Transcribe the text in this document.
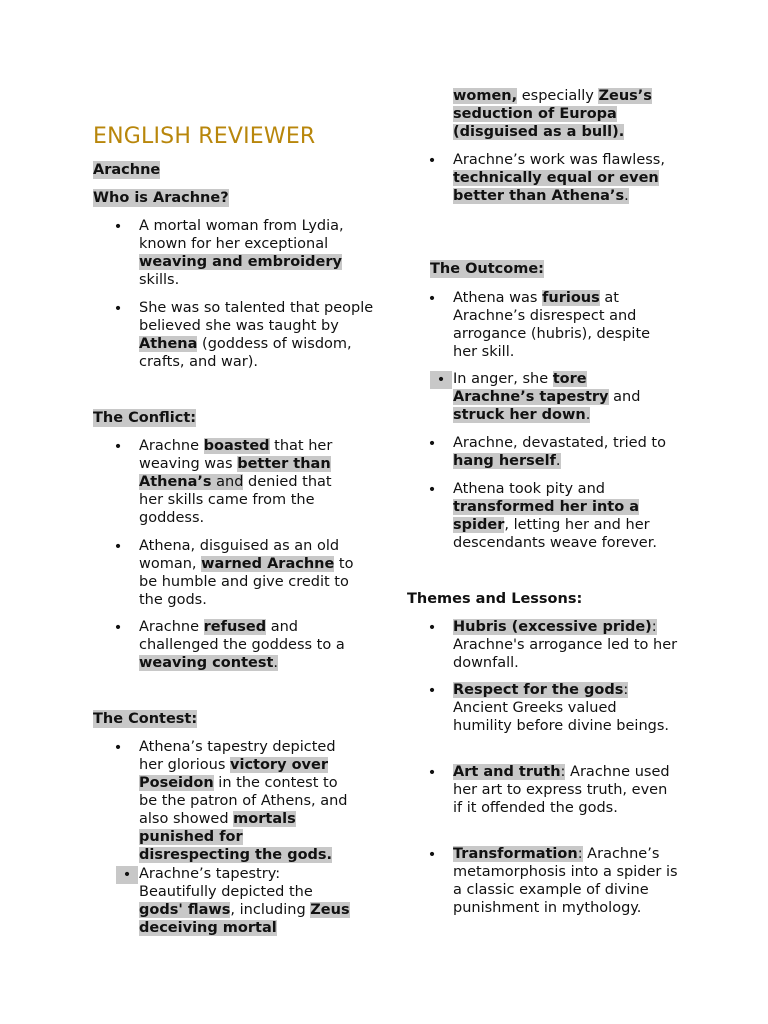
ENGLISH REVIEWER
Arachne
Who is Arachne?
• A mortal woman from Lydia, known for her exceptional weaving and embroidery skills.
• She was so talented that people believed she was taught by Athena (goddess of wisdom, crafts, and war).
The Conflict:
• Arachne boasted that her weaving was better than Athena’s and denied that her skills came from the goddess.
• Athena, disguised as an old woman, warned Arachne to be humble and give credit to the gods.
• Arachne refused and challenged the goddess to a weaving contest.
The Contest:
• Athena’s tapestry depicted her glorious victory over Poseidon in the contest to be the patron of Athens, and also showed mortals punished for disrespecting the gods.
• Arachne’s tapestry: Beautifully depicted the gods' flaws, including Zeus deceiving mortal
women, especially Zeus’s seduction of Europa (disguised as a bull).
• Arachne’s work was flawless, technically equal or even better than Athena’s.
The Outcome:
• Athena was furious at Arachne’s disrespect and arrogance (hubris), despite her skill.
• In anger, she tore Arachne’s tapestry and struck her down.
• Arachne, devastated, tried to hang herself.
• Athena took pity and transformed her into a spider, letting her and her descendants weave forever.
Themes and Lessons:
• Hubris (excessive pride): Arachne's arrogance led to her downfall.
• Respect for the gods: Ancient Greeks valued humility before divine beings.
• Art and truth: Arachne used her art to express truth, even if it offended the gods.
• Transformation: Arachne’s metamorphosis into a spider is a classic example of divine punishment in mythology.
